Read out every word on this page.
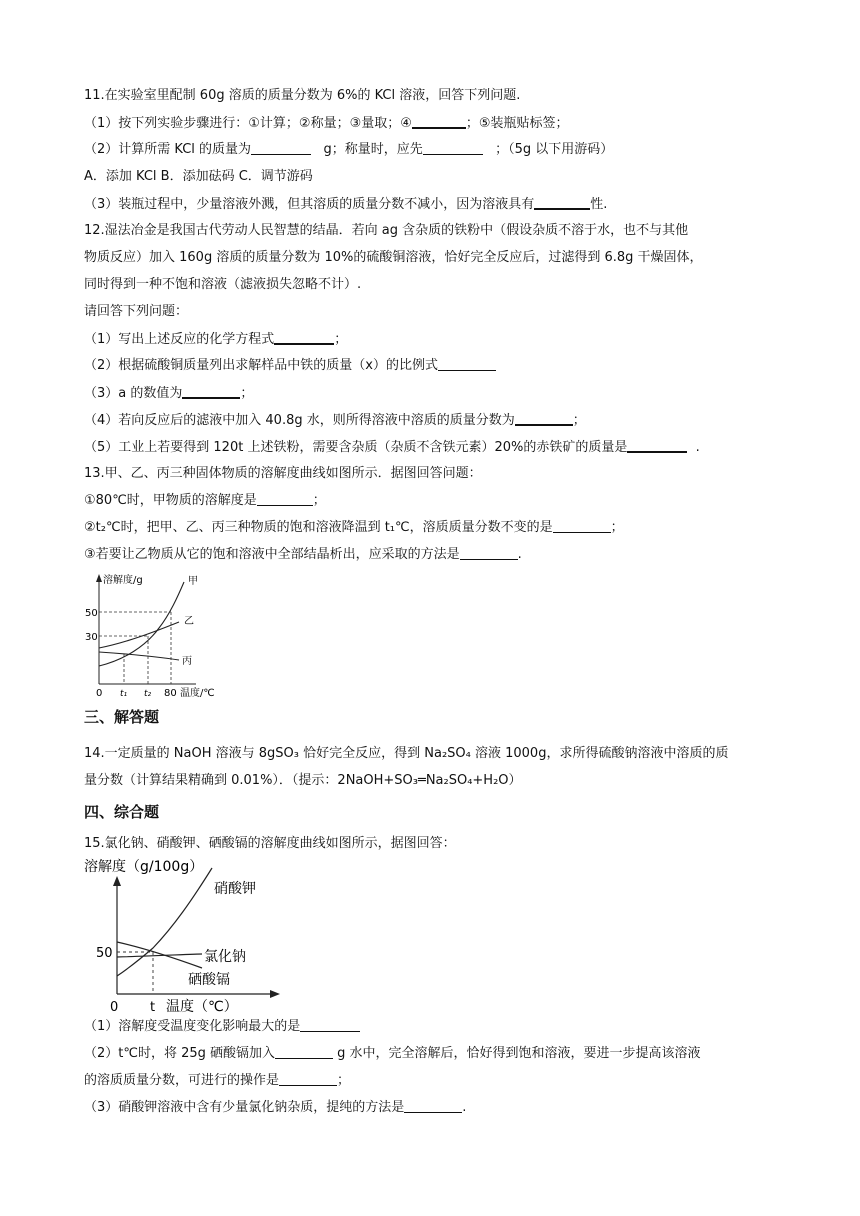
11.在实验室里配制 60g 溶质的质量分数为 6%的 KCl 溶液，回答下列问题.
（1）按下列实验步骤进行：①计算；②称量；③量取；④	；⑤装瓶贴标签；
（2）计算所需 KCl 的质量为	g；称量时，应先	；（5g 以下用游码）
A．添加 KCl B．添加砝码 C．调节游码
（3）装瓶过程中，少量溶液外溅，但其溶质的质量分数不减小，因为溶液具有	性.
12.湿法冶金是我国古代劳动人民智慧的结晶．若向 ag 含杂质的铁粉中（假设杂质不溶于水，也不与其他
物质反应）加入 160g 溶质的质量分数为 10%的硫酸铜溶液，恰好完全反应后，过滤得到 6.8g 干燥固体，
同时得到一种不饱和溶液（滤液损失忽略不计）.
请回答下列问题：
（1）写出上述反应的化学方程式	；
（2）根据硫酸铜质量列出求解样品中铁的质量（x）的比例式
（3）a 的数值为	；
（4）若向反应后的滤液中加入 40.8g 水，则所得溶液中溶质的质量分数为	；
（5）工业上若要得到 120t 上述铁粉，需要含杂质（杂质不含铁元素）20%的赤铁矿的质量是	.
13.甲、乙、丙三种固体物质的溶解度曲线如图所示．据图回答问题：
①80℃时，甲物质的溶解度是	；
②t₂℃时，把甲、乙、丙三种物质的饱和溶液降温到 t₁℃，溶质质量分数不变的是	；
③若要让乙物质从它的饱和溶液中全部结晶析出，应采取的方法是	.
溶解度/g
50
30
0 t₁ t₂ 80 温度/℃
甲
乙
丙
三、解答题
14.一定质量的 NaOH 溶液与 8gSO₃ 恰好完全反应，得到 Na₂SO₄ 溶液 1000g，求所得硫酸钠溶液中溶质的质
量分数（计算结果精确到 0.01%）．（提示：2NaOH+SO₃═Na₂SO₄+H₂O）
四、综合题
15.氯化钠、硝酸钾、硒酸镉的溶解度曲线如图所示，据图回答：
溶解度（g/100g）
硝酸钾
氯化钠
硒酸镉
50
0 t 温度（℃）
（1）溶解度受温度变化影响最大的是
（2）t℃时，将 25g 硒酸镉加入	g 水中，完全溶解后，恰好得到饱和溶液，要进一步提高该溶液
的溶质质量分数，可进行的操作是	；
（3）硝酸钾溶液中含有少量氯化钠杂质，提纯的方法是	.
